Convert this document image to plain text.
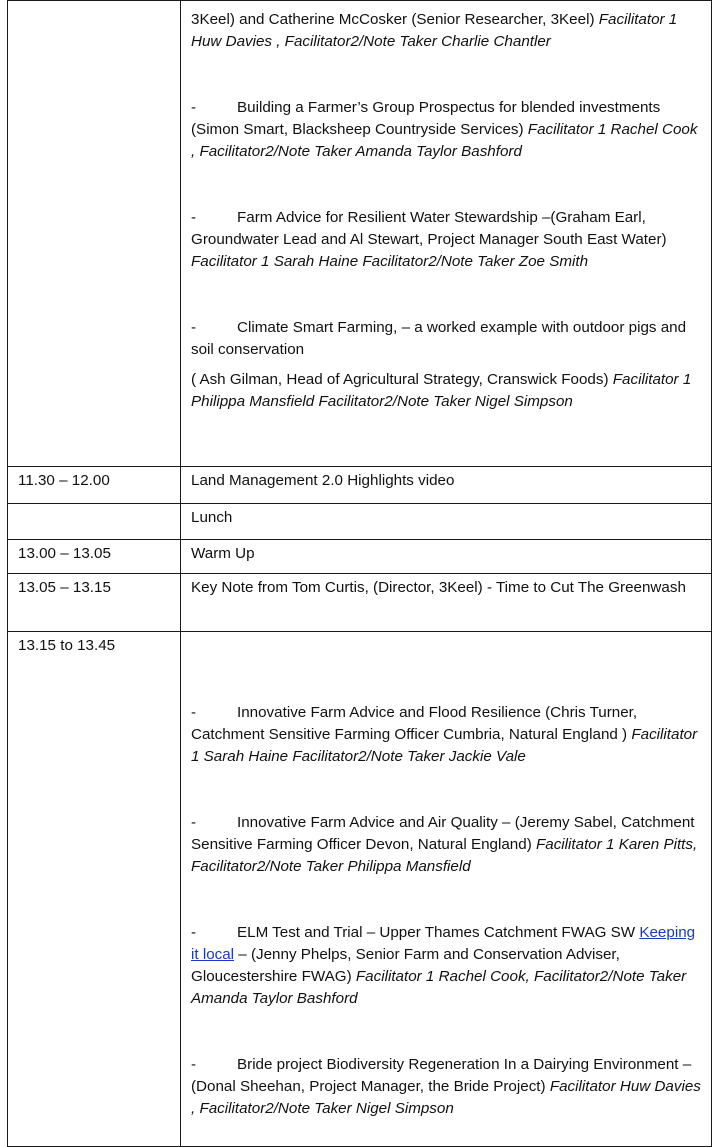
	3Keel) and Catherine McCosker (Senior Researcher, 3Keel) Facilitator 1 Huw Davies , Facilitator2/Note Taker Charlie Chantler

- Building a Farmer’s Group Prospectus for blended investments (Simon Smart, Blacksheep Countryside Services) Facilitator 1 Rachel Cook , Facilitator2/Note Taker Amanda Taylor Bashford

- Farm Advice for Resilient Water Stewardship –(Graham Earl, Groundwater Lead and Al Stewart, Project Manager South East Water) Facilitator 1 Sarah Haine Facilitator2/Note Taker Zoe Smith

- Climate Smart Farming, – a worked example with outdoor pigs and soil conservation

( Ash Gilman, Head of Agricultural Strategy, Cranswick Foods) Facilitator 1 Philippa Mansfield Facilitator2/Note Taker Nigel Simpson

11.30 – 12.00	Land Management 2.0 Highlights video
	Lunch
13.00 – 13.05	Warm Up
13.05 – 13.15	Key Note from Tom Curtis, (Director, 3Keel) - Time to Cut The Greenwash
13.15 to 13.45	- Innovative Farm Advice and Flood Resilience (Chris Turner, Catchment Sensitive Farming Officer Cumbria, Natural England ) Facilitator 1 Sarah Haine Facilitator2/Note Taker Jackie Vale

- Innovative Farm Advice and Air Quality – (Jeremy Sabel, Catchment Sensitive Farming Officer Devon, Natural England) Facilitator 1 Karen Pitts, Facilitator2/Note Taker Philippa Mansfield

- ELM Test and Trial – Upper Thames Catchment FWAG SW Keeping it local – (Jenny Phelps, Senior Farm and Conservation Adviser, Gloucestershire FWAG) Facilitator 1 Rachel Cook, Facilitator2/Note Taker Amanda Taylor Bashford

- Bride project Biodiversity Regeneration In a Dairying Environment – (Donal Sheehan, Project Manager, the Bride Project) Facilitator Huw Davies , Facilitator2/Note Taker Nigel Simpson
